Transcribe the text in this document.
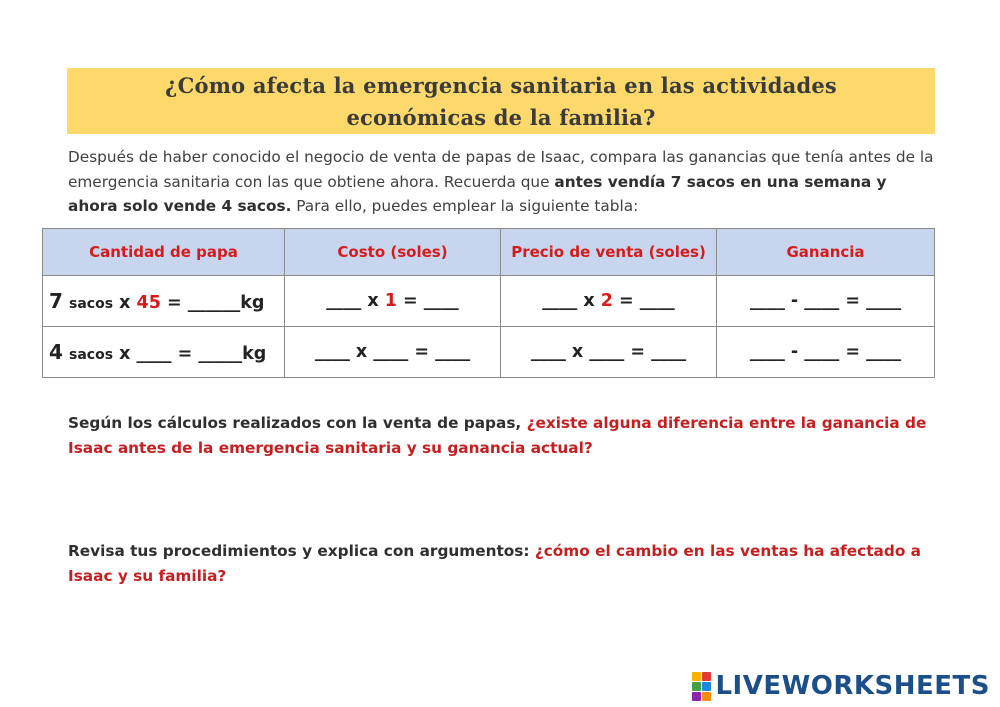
¿Cómo afecta la emergencia sanitaria en las actividades
económicas de la familia?
Después de haber conocido el negocio de venta de papas de Isaac, compara las ganancias que tenía antes de la emergencia sanitaria con las que obtiene ahora. Recuerda que antes vendía 7 sacos en una semana y ahora solo vende 4 sacos. Para ello, puedes emplear la siguiente tabla:
Cantidad de papa	Costo (soles)	Precio de venta (soles)	Ganancia
7 sacos x 45 = ______kg	____ x 1 = ____	____ x 2 = ____	____ - ____ = ____
4 sacos x ____ = _____kg	____ x ____ = ____	____ x ____ = ____	____ - ____ = ____
Según los cálculos realizados con la venta de papas, ¿existe alguna diferencia entre la ganancia de Isaac antes de la emergencia sanitaria y su ganancia actual?
Revisa tus procedimientos y explica con argumentos: ¿cómo el cambio en las ventas ha afectado a Isaac y su familia?
LIVEWORKSHEETS
